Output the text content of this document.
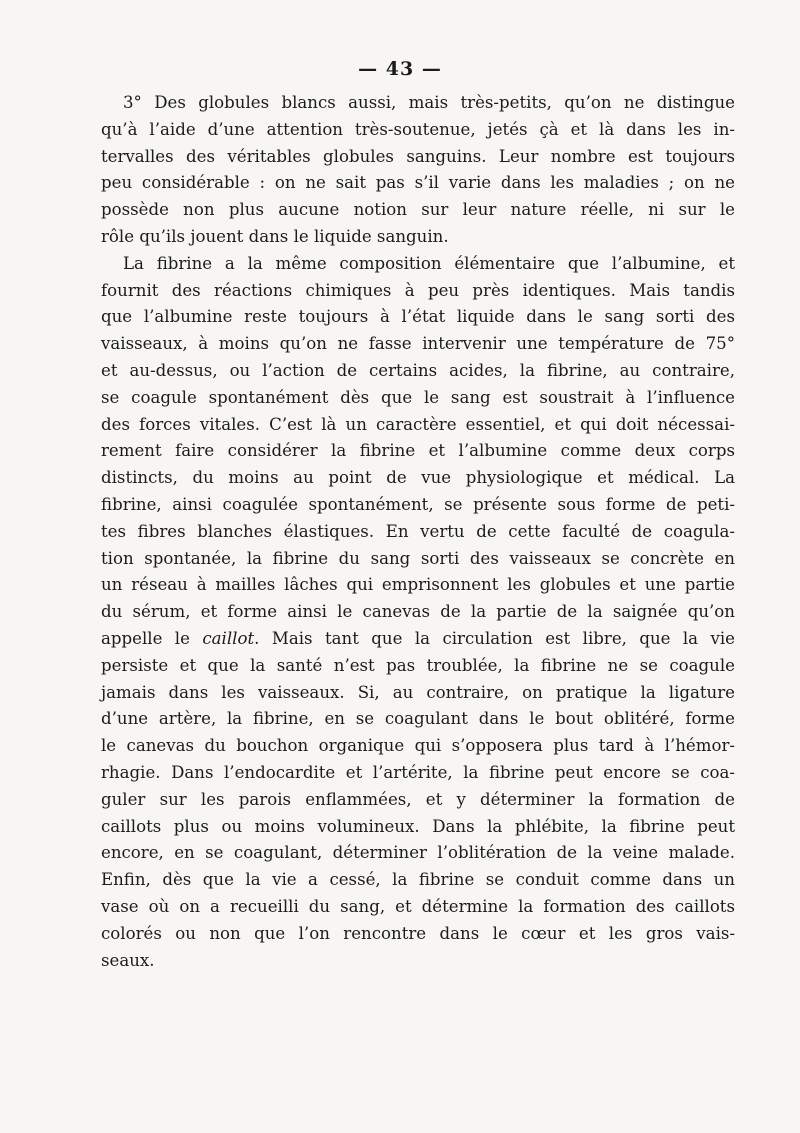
— 43 —
3° Des globules blancs aussi, mais très-petits, qu’on ne distingue
qu’à l’aide d’une attention très-soutenue, jetés çà et là dans les in-
tervalles des véritables globules sanguins. Leur nombre est toujours
peu considérable : on ne sait pas s’il varie dans les maladies ; on ne
possède non plus aucune notion sur leur nature réelle, ni sur le
rôle qu’ils jouent dans le liquide sanguin.
La fibrine a la même composition élémentaire que l’albumine, et
fournit des réactions chimiques à peu près identiques. Mais tandis
que l’albumine reste toujours à l’état liquide dans le sang sorti des
vaisseaux, à moins qu’on ne fasse intervenir une température de 75°
et au-dessus, ou l’action de certains acides, la fibrine, au contraire,
se coagule spontanément dès que le sang est soustrait à l’influence
des forces vitales. C’est là un caractère essentiel, et qui doit nécessai-
rement faire considérer la fibrine et l’albumine comme deux corps
distincts, du moins au point de vue physiologique et médical. La
fibrine, ainsi coagulée spontanément, se présente sous forme de peti-
tes fibres blanches élastiques. En vertu de cette faculté de coagula-
tion spontanée, la fibrine du sang sorti des vaisseaux se concrète en
un réseau à mailles lâches qui emprisonnent les globules et une partie
du sérum, et forme ainsi le canevas de la partie de la saignée qu’on
appelle le caillot. Mais tant que la circulation est libre, que la vie
persiste et que la santé n’est pas troublée, la fibrine ne se coagule
jamais dans les vaisseaux. Si, au contraire, on pratique la ligature
d’une artère, la fibrine, en se coagulant dans le bout oblitéré, forme
le canevas du bouchon organique qui s’opposera plus tard à l’hémor-
rhagie. Dans l’endocardite et l’artérite, la fibrine peut encore se coa-
guler sur les parois enflammées, et y déterminer la formation de
caillots plus ou moins volumineux. Dans la phlébite, la fibrine peut
encore, en se coagulant, déterminer l’oblitération de la veine malade.
Enfin, dès que la vie a cessé, la fibrine se conduit comme dans un
vase où on a recueilli du sang, et détermine la formation des caillots
colorés ou non que l’on rencontre dans le cœur et les gros vais-
seaux.
